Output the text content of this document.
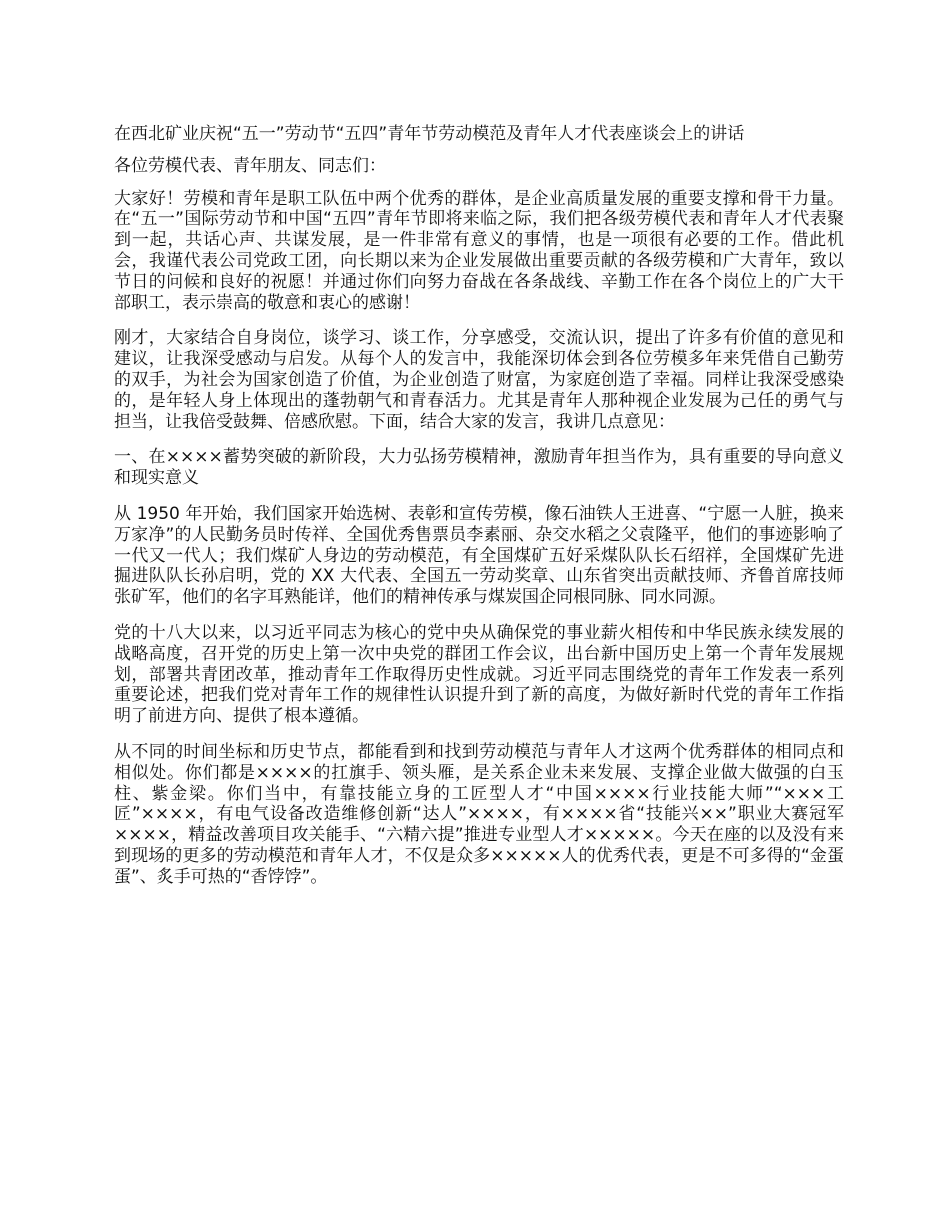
在西北矿业庆祝“五一”劳动节“五四”青年节劳动模范及青年人才代表座谈会上的讲话

各位劳模代表、青年朋友、同志们：

大家好！劳模和青年是职工队伍中两个优秀的群体，是企业高质量发展的重要支撑和骨干力量。在“五一”国际劳动节和中国“五四”青年节即将来临之际，我们把各级劳模代表和青年人才代表聚到一起，共话心声、共谋发展，是一件非常有意义的事情，也是一项很有必要的工作。借此机会，我谨代表公司党政工团，向长期以来为企业发展做出重要贡献的各级劳模和广大青年，致以节日的问候和良好的祝愿！并通过你们向努力奋战在各条战线、辛勤工作在各个岗位上的广大干部职工，表示崇高的敬意和衷心的感谢！

刚才，大家结合自身岗位，谈学习、谈工作，分享感受，交流认识，提出了许多有价值的意见和建议，让我深受感动与启发。从每个人的发言中，我能深切体会到各位劳模多年来凭借自己勤劳的双手，为社会为国家创造了价值，为企业创造了财富，为家庭创造了幸福。同样让我深受感染的，是年轻人身上体现出的蓬勃朝气和青春活力。尤其是青年人那种视企业发展为己任的勇气与担当，让我倍受鼓舞、倍感欣慰。下面，结合大家的发言，我讲几点意见：

一、在××××蓄势突破的新阶段，大力弘扬劳模精神，激励青年担当作为，具有重要的导向意义和现实意义

从 1950 年开始，我们国家开始选树、表彰和宣传劳模，像石油铁人王进喜、“宁愿一人脏，换来万家净”的人民勤务员时传祥、全国优秀售票员李素丽、杂交水稻之父袁隆平，他们的事迹影响了一代又一代人；我们煤矿人身边的劳动模范，有全国煤矿五好采煤队队长石绍祥，全国煤矿先进掘进队队长孙启明，党的 XX 大代表、全国五一劳动奖章、山东省突出贡献技师、齐鲁首席技师张矿军，他们的名字耳熟能详，他们的精神传承与煤炭国企同根同脉、同水同源。

党的十八大以来，以习近平同志为核心的党中央从确保党的事业薪火相传和中华民族永续发展的战略高度，召开党的历史上第一次中央党的群团工作会议，出台新中国历史上第一个青年发展规划，部署共青团改革，推动青年工作取得历史性成就。习近平同志围绕党的青年工作发表一系列重要论述，把我们党对青年工作的规律性认识提升到了新的高度，为做好新时代党的青年工作指明了前进方向、提供了根本遵循。

从不同的时间坐标和历史节点，都能看到和找到劳动模范与青年人才这两个优秀群体的相同点和相似处。你们都是××××的扛旗手、领头雁，是关系企业未来发展、支撑企业做大做强的白玉柱、紫金梁。你们当中，有靠技能立身的工匠型人才“中国××××行业技能大师”“×××工匠”××××，有电气设备改造维修创新“达人”××××，有××××省“技能兴××”职业大赛冠军××××，精益改善项目攻关能手、“六精六提”推进专业型人才×××××。今天在座的以及没有来到现场的更多的劳动模范和青年人才，不仅是众多×××××人的优秀代表，更是不可多得的“金蛋蛋”、炙手可热的“香饽饽”。
